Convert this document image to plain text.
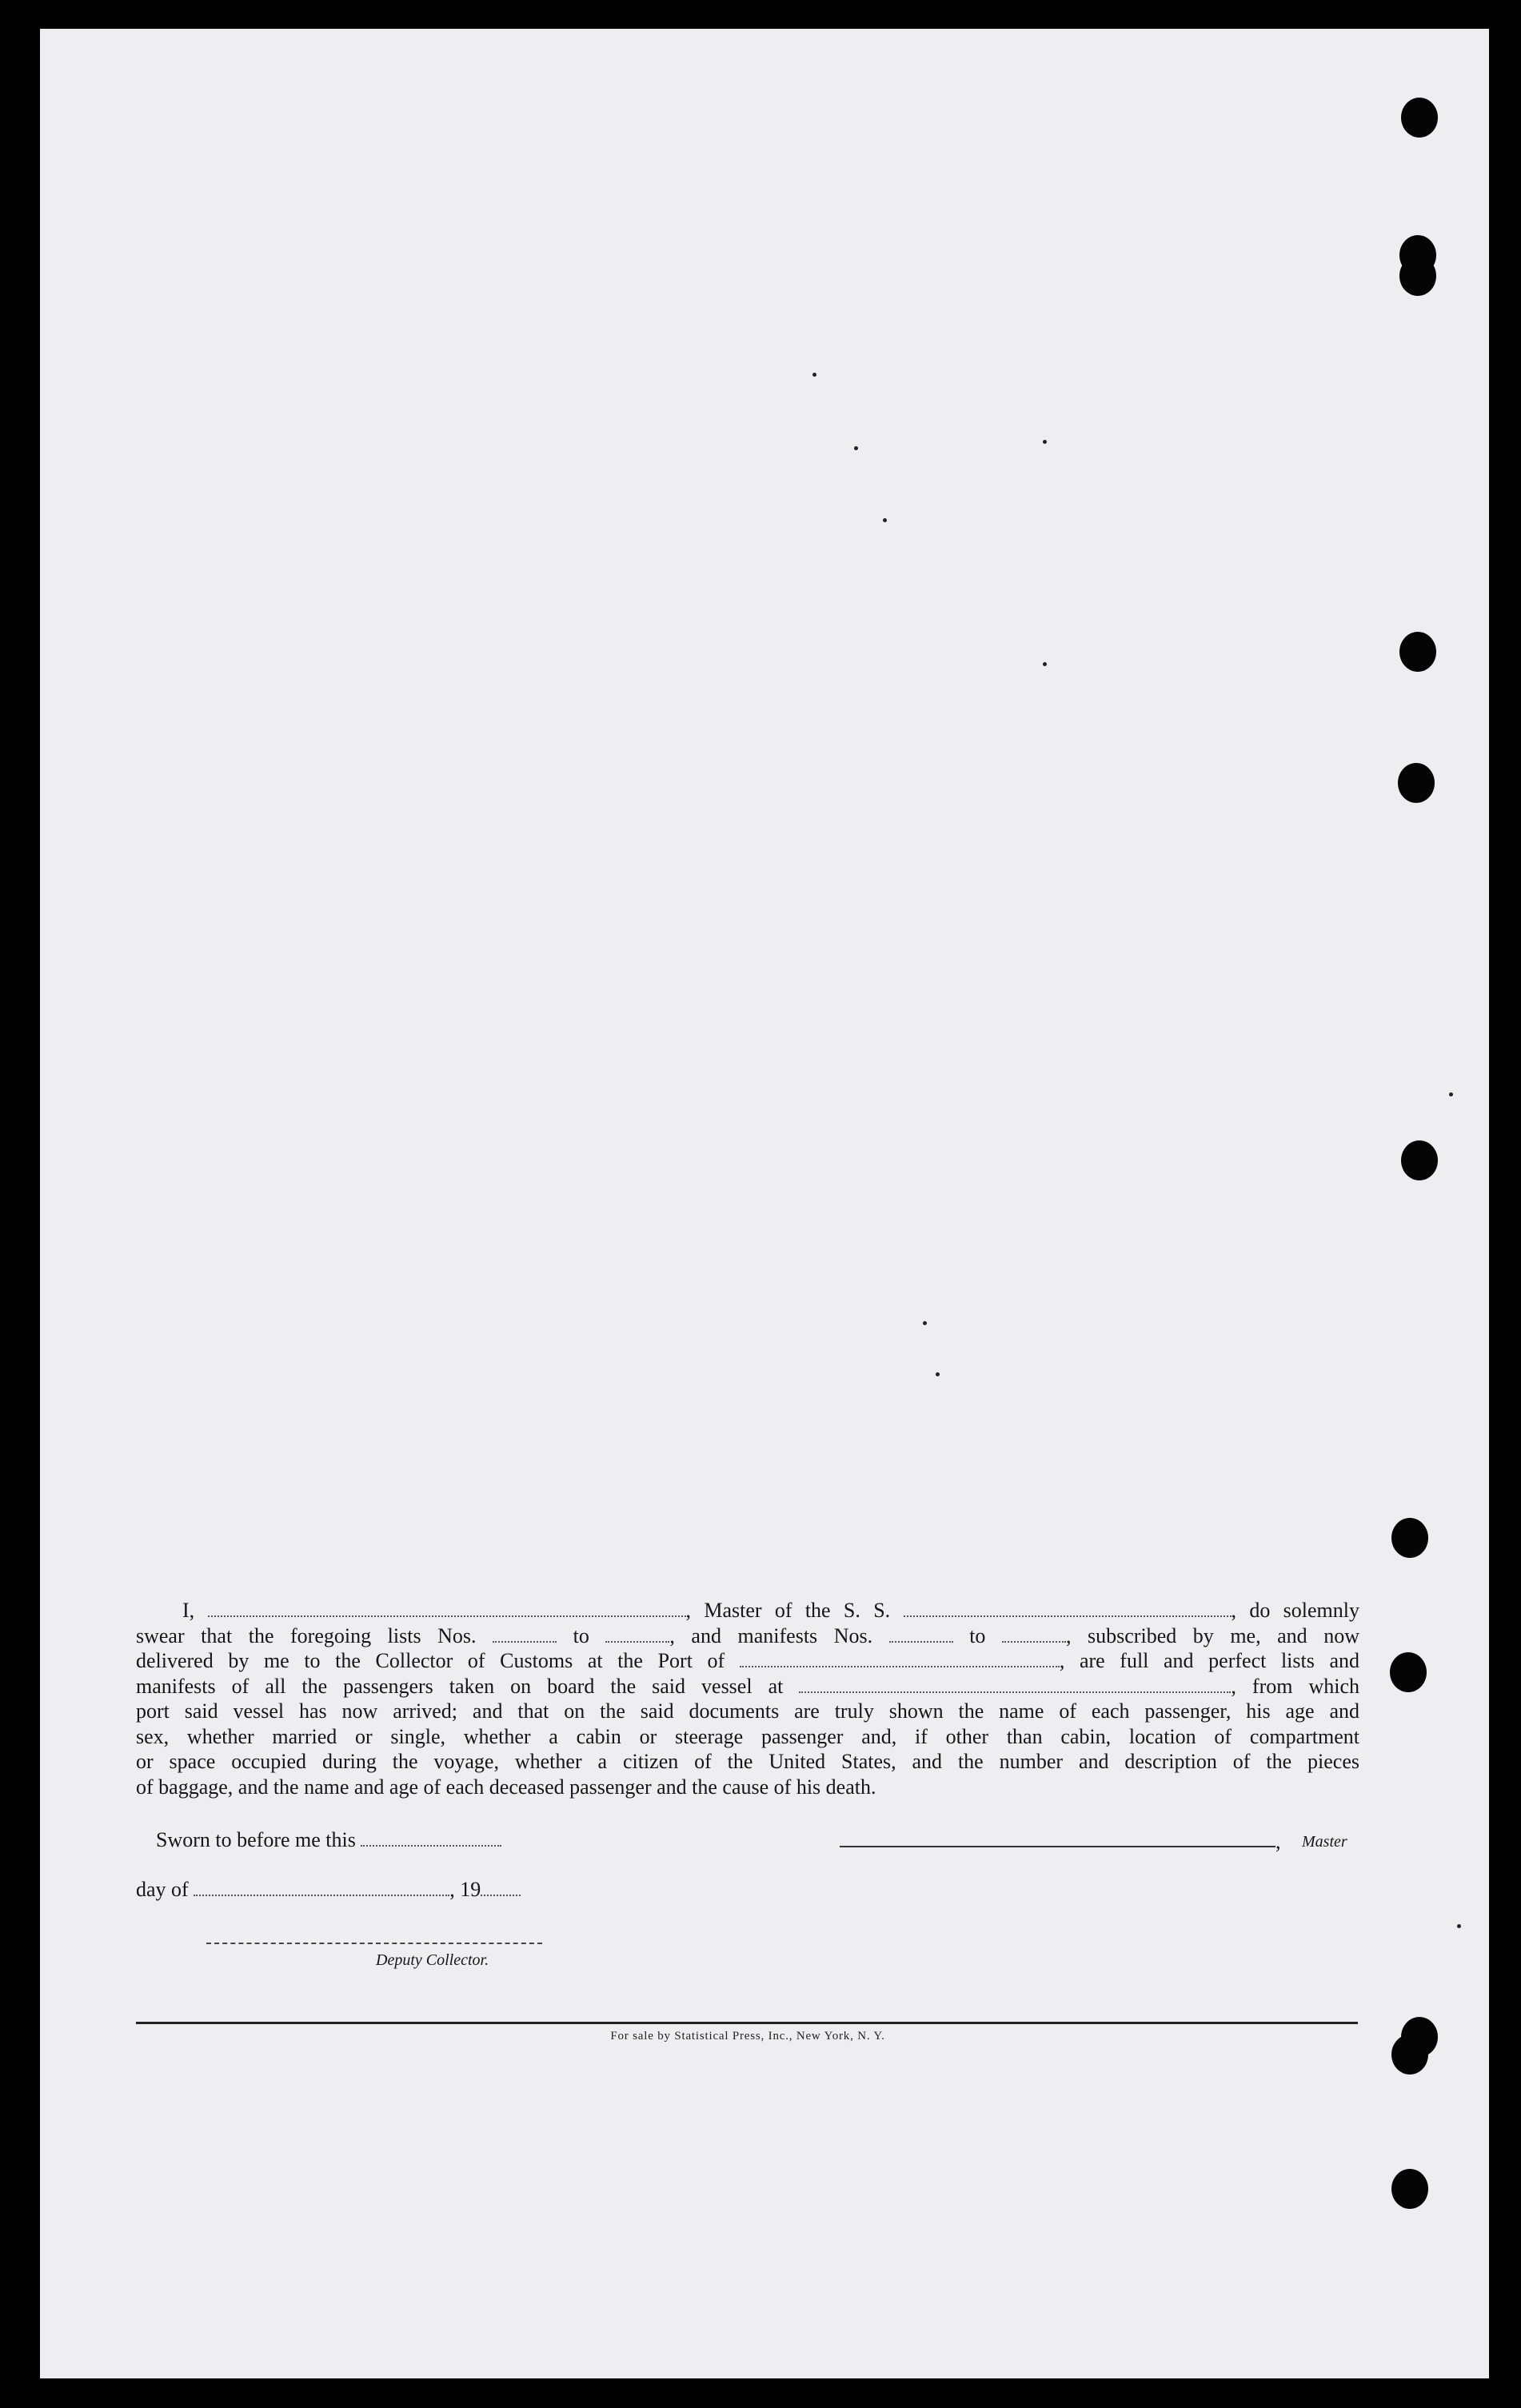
I,	, Master of the S. S.	, do solemnly
swear that the foregoing lists Nos.	to	, and manifests Nos.	to	, subscribed by me, and now
delivered by me to the Collector of Customs at the Port of	, are full and perfect lists and
manifests of all the passengers taken on board the said vessel at	, from which
port said vessel has now arrived; and that on the said documents are truly shown the name of each passenger, his age and
sex, whether married or single, whether a cabin or steerage passenger and, if other than cabin, location of compartment
or space occupied during the voyage, whether a citizen of the United States, and the number and description of the pieces
of baggage, and the name and age of each deceased passenger and the cause of his death.
Sworn to before me this
day of	, 19
Deputy Collector.
, Master
For sale by Statistical Press, Inc., New York, N. Y.
